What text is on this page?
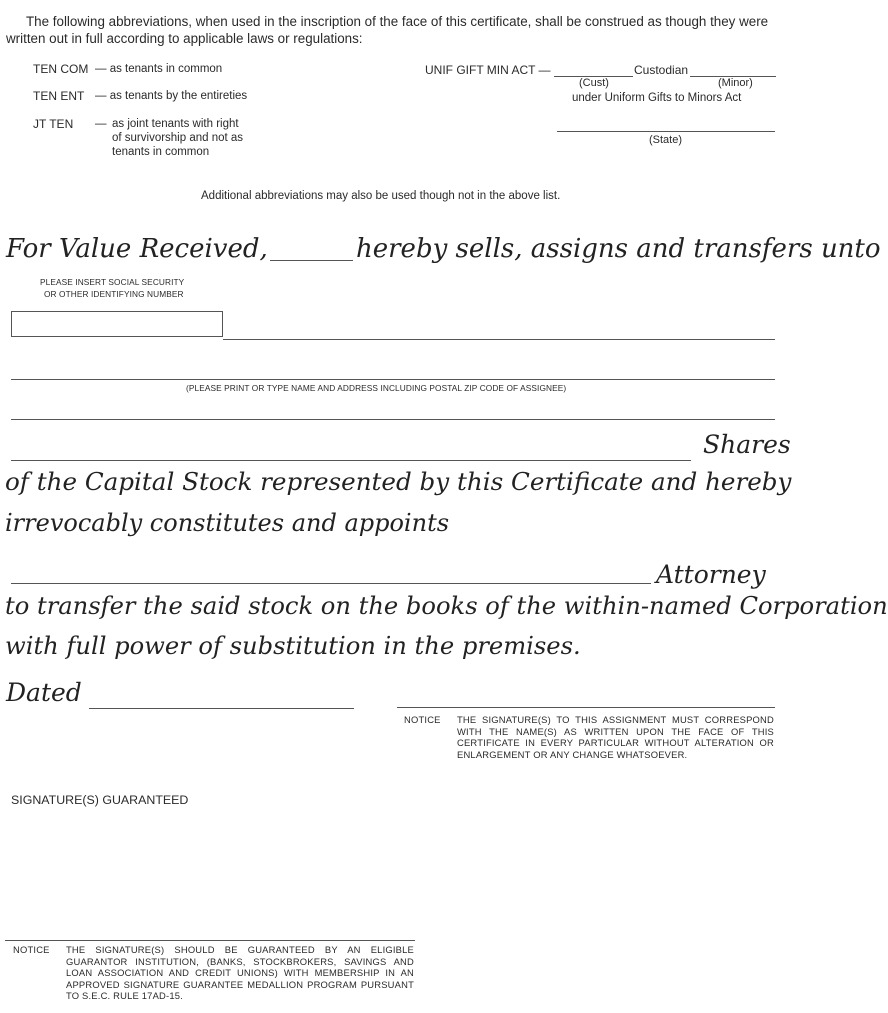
The following abbreviations, when used in the inscription of the face of this certificate, shall be construed as though they were written out in full according to applicable laws or regulations:
TEN COM — as tenants in common
TEN ENT — as tenants by the entireties
JT TEN — as joint tenants with right
of survivorship and not as
tenants in common
UNIF GIFT MIN ACT —	Custodian
(Cust)	(Minor)
under Uniform Gifts to Minors Act
(State)
Additional abbreviations may also be used though not in the above list.
For Value Received,	hereby sells, assigns and transfers unto
PLEASE INSERT SOCIAL SECURITY
OR OTHER IDENTIFYING NUMBER
(PLEASE PRINT OR TYPE NAME AND ADDRESS INCLUDING POSTAL ZIP CODE OF ASSIGNEE)
Shares
of the Capital Stock represented by this Certificate and hereby
irrevocably constitutes and appoints
Attorney
to transfer the said stock on the books of the within-named Corporation
with full power of substitution in the premises.
Dated
NOTICE THE SIGNATURE(S) TO THIS ASSIGNMENT MUST CORRESPOND WITH THE NAME(S) AS WRITTEN UPON THE FACE OF THIS CERTIFICATE IN EVERY PARTICULAR WITHOUT ALTERATION OR ENLARGEMENT OR ANY CHANGE WHATSOEVER.
SIGNATURE(S) GUARANTEED
NOTICE THE SIGNATURE(S) SHOULD BE GUARANTEED BY AN ELIGIBLE GUARANTOR INSTITUTION, (BANKS, STOCKBROKERS, SAVINGS AND LOAN ASSOCIATION AND CREDIT UNIONS) WITH MEMBERSHIP IN AN APPROVED SIGNATURE GUARANTEE MEDALLION PROGRAM PURSUANT TO S.E.C. RULE 17AD-15.
